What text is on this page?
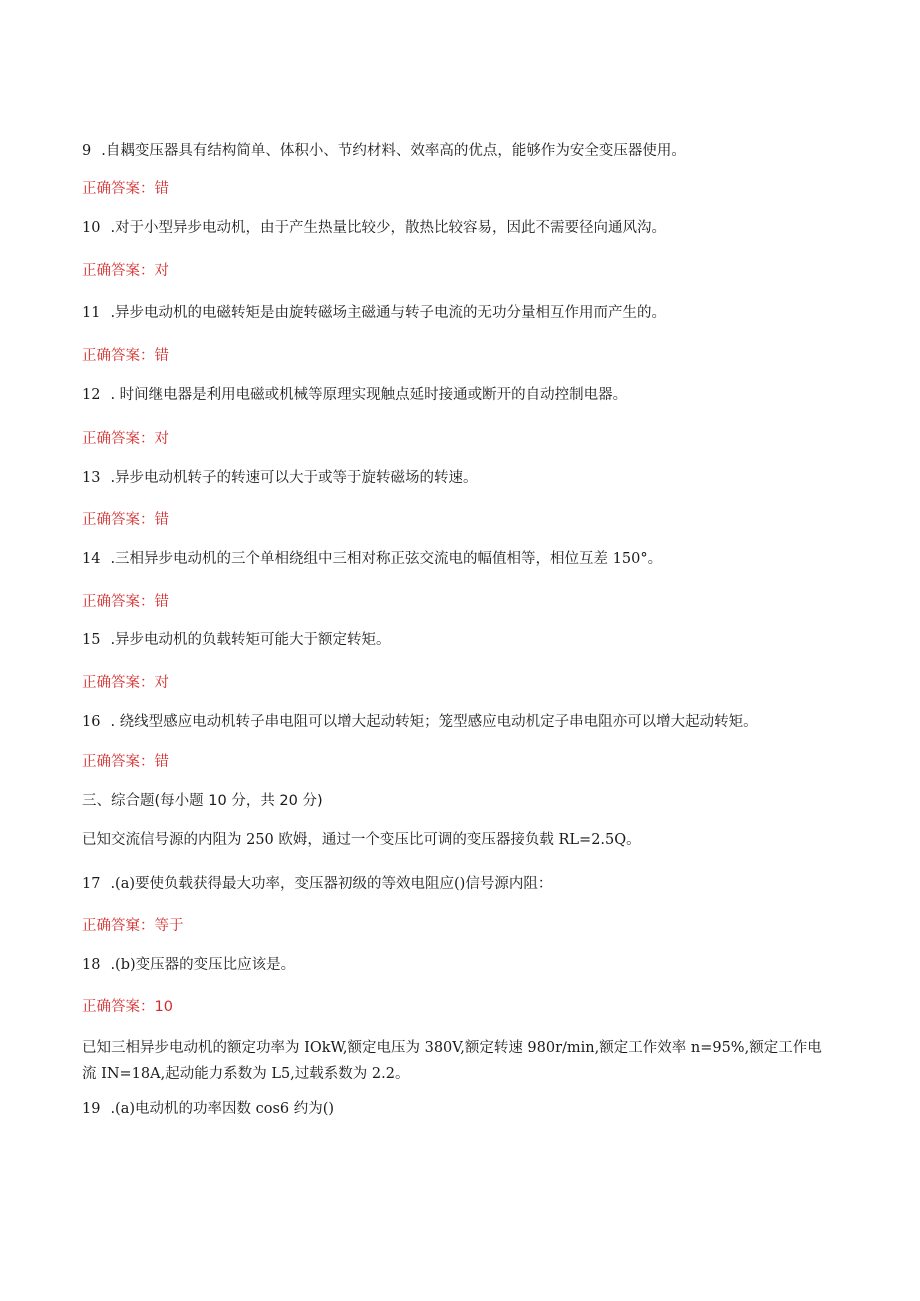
9 .自耦变压器具有结构简单、体积小、节约材料、效率高的优点，能够作为安全变压器使用。
正确答案：错
10 .对于小型异步电动机，由于产生热量比较少，散热比较容易，因此不需要径向通风沟。
正确答案：对
11 .异步电动机的电磁转矩是由旋转磁场主磁通与转子电流的无功分量相互作用而产生的。
正确答案：错
12 . 时间继电器是利用电磁或机械等原理实现触点延时接通或断开的自动控制电器。
正确答案：对
13 .异步电动机转子的转速可以大于或等于旋转磁场的转速。
正确答案：错
14 .三相异步电动机的三个单相绕组中三相对称正弦交流电的幅值相等，相位互差 150°。
正确答案：错
15 .异步电动机的负载转矩可能大于额定转矩。
正确答案：对
16 . 绕线型感应电动机转子串电阻可以增大起动转矩；笼型感应电动机定子串电阻亦可以增大起动转矩。
正确答案：错
三、综合题(每小题 10 分，共 20 分)
已知交流信号源的内阻为 250 欧姆，通过一个变压比可调的变压器接负载 RL=2.5Q。
17 .(a)要使负载获得最大功率，变压器初级的等效电阻应()信号源内阻：
正确答窠：等于
18 .(b)变压器的变压比应该是。
正确答案：10
已知三相异步电动机的额定功率为 IOkW,额定电压为 380V,额定转速 980r∕min,额定工作效率 n=95%,额定工作电流 IN=18A,起动能力系数为 L5,过载系数为 2.2。
19 .(a)电动机的功率因数 cos6 约为()
